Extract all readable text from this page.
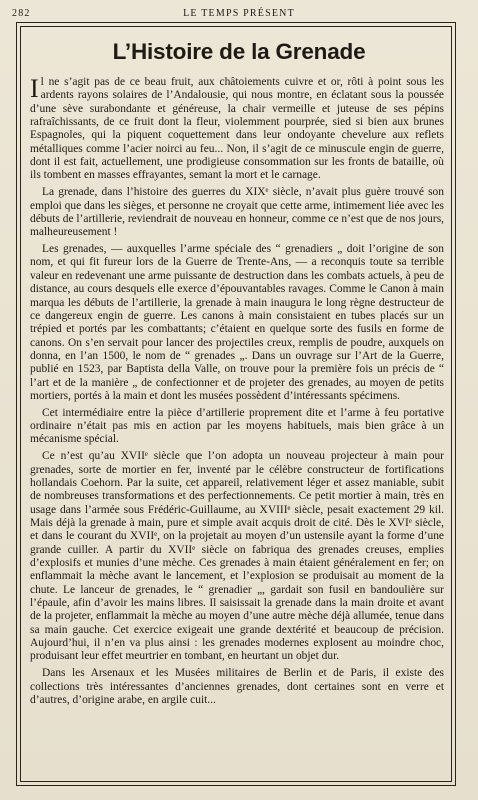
282	LE TEMPS PRÉSENT
L’Histoire de la Grenade

Il ne s’agit pas de ce beau fruit, aux châtoiements cuivre et or, rôti à point sous les ardents rayons solaires de l’Andalousie, qui nous montre, en éclatant sous la poussée d’une sève surabondante et généreuse, la chair vermeille et juteuse de ses pépins rafraîchissants, de ce fruit dont la fleur, violemment pourprée, sied si bien aux brunes Espagnoles, qui la piquent coquettement dans leur ondoyante chevelure aux reflets métalliques comme l’acier noirci au feu... Non, il s’agit de ce minuscule engin de guerre, dont il est fait, actuellement, une prodigieuse consommation sur les fronts de bataille, où ils tombent en masses effrayantes, semant la mort et le carnage.

La grenade, dans l’histoire des guerres du XIXᵉ siècle, n’avait plus guère trouvé son emploi que dans les sièges, et personne ne croyait que cette arme, intimement liée avec les débuts de l’artillerie, reviendrait de nouveau en honneur, comme ce n’est que de nos jours, malheureusement !

Les grenades, — auxquelles l’arme spéciale des “ grenadiers „ doit l’origine de son nom, et qui fit fureur lors de la Guerre de Trente-Ans, — a reconquis toute sa terrible valeur en redevenant une arme puissante de destruction dans les combats actuels, à peu de distance, au cours desquels elle exerce d’épouvantables ravages. Comme le Canon à main marqua les débuts de l’artillerie, la grenade à main inaugura le long règne destructeur de ce dangereux engin de guerre. Les canons à main consistaient en tubes placés sur un trépied et portés par les combattants; c’étaient en quelque sorte des fusils en forme de canons. On s’en servait pour lancer des projectiles creux, remplis de poudre, auxquels on donna, en l’an 1500, le nom de “ grenades „. Dans un ouvrage sur l’Art de la Guerre, publié en 1523, par Baptista della Valle, on trouve pour la première fois un précis de “ l’art et de la manière „ de confectionner et de projeter des grenades, au moyen de petits mortiers, portés à la main et dont les musées possèdent d’intéressants spécimens.

Cet intermédiaire entre la pièce d’artillerie proprement dite et l’arme à feu portative ordinaire n’était pas mis en action par les moyens habituels, mais bien grâce à un mécanisme spécial.

Ce n’est qu’au XVIIᵉ siècle que l’on adopta un nouveau projecteur à main pour grenades, sorte de mortier en fer, inventé par le célèbre constructeur de fortifications hollandais Coehorn. Par la suite, cet appareil, relativement léger et assez maniable, subit de nombreuses transformations et des perfectionnements. Ce petit mortier à main, très en usage dans l’armée sous Frédéric-Guillaume, au XVIIIᵉ siècle, pesait exactement 29 kil. Mais déjà la grenade à main, pure et simple avait acquis droit de cité. Dès le XVIᵉ siècle, et dans le courant du XVIIᵉ, on la projetait au moyen d’un ustensile ayant la forme d’une grande cuiller. A partir du XVIIᵉ siècle on fabriqua des grenades creuses, emplies d’explosifs et munies d’une mèche. Ces grenades à main étaient généralement en fer; on enflammait la mèche avant le lancement, et l’explosion se produisait au moment de la chute. Le lanceur de grenades, le “ grenadier „, gardait son fusil en bandoulière sur l’épaule, afin d’avoir les mains libres. Il saisissait la grenade dans la main droite et avant de la projeter, enflammait la mèche au moyen d’une autre mèche déjà allumée, tenue dans sa main gauche. Cet exercice exigeait une grande dextérité et beaucoup de précision. Aujourd’hui, il n’en va plus ainsi : les grenades modernes explosent au moindre choc, produisant leur effet meurtrier en tombant, en heurtant un objet dur.

Dans les Arsenaux et les Musées militaires de Berlin et de Paris, il existe des collections très intéressantes d’anciennes grenades, dont certaines sont en verre et d’autres, d’origine arabe, en argile cuit...
